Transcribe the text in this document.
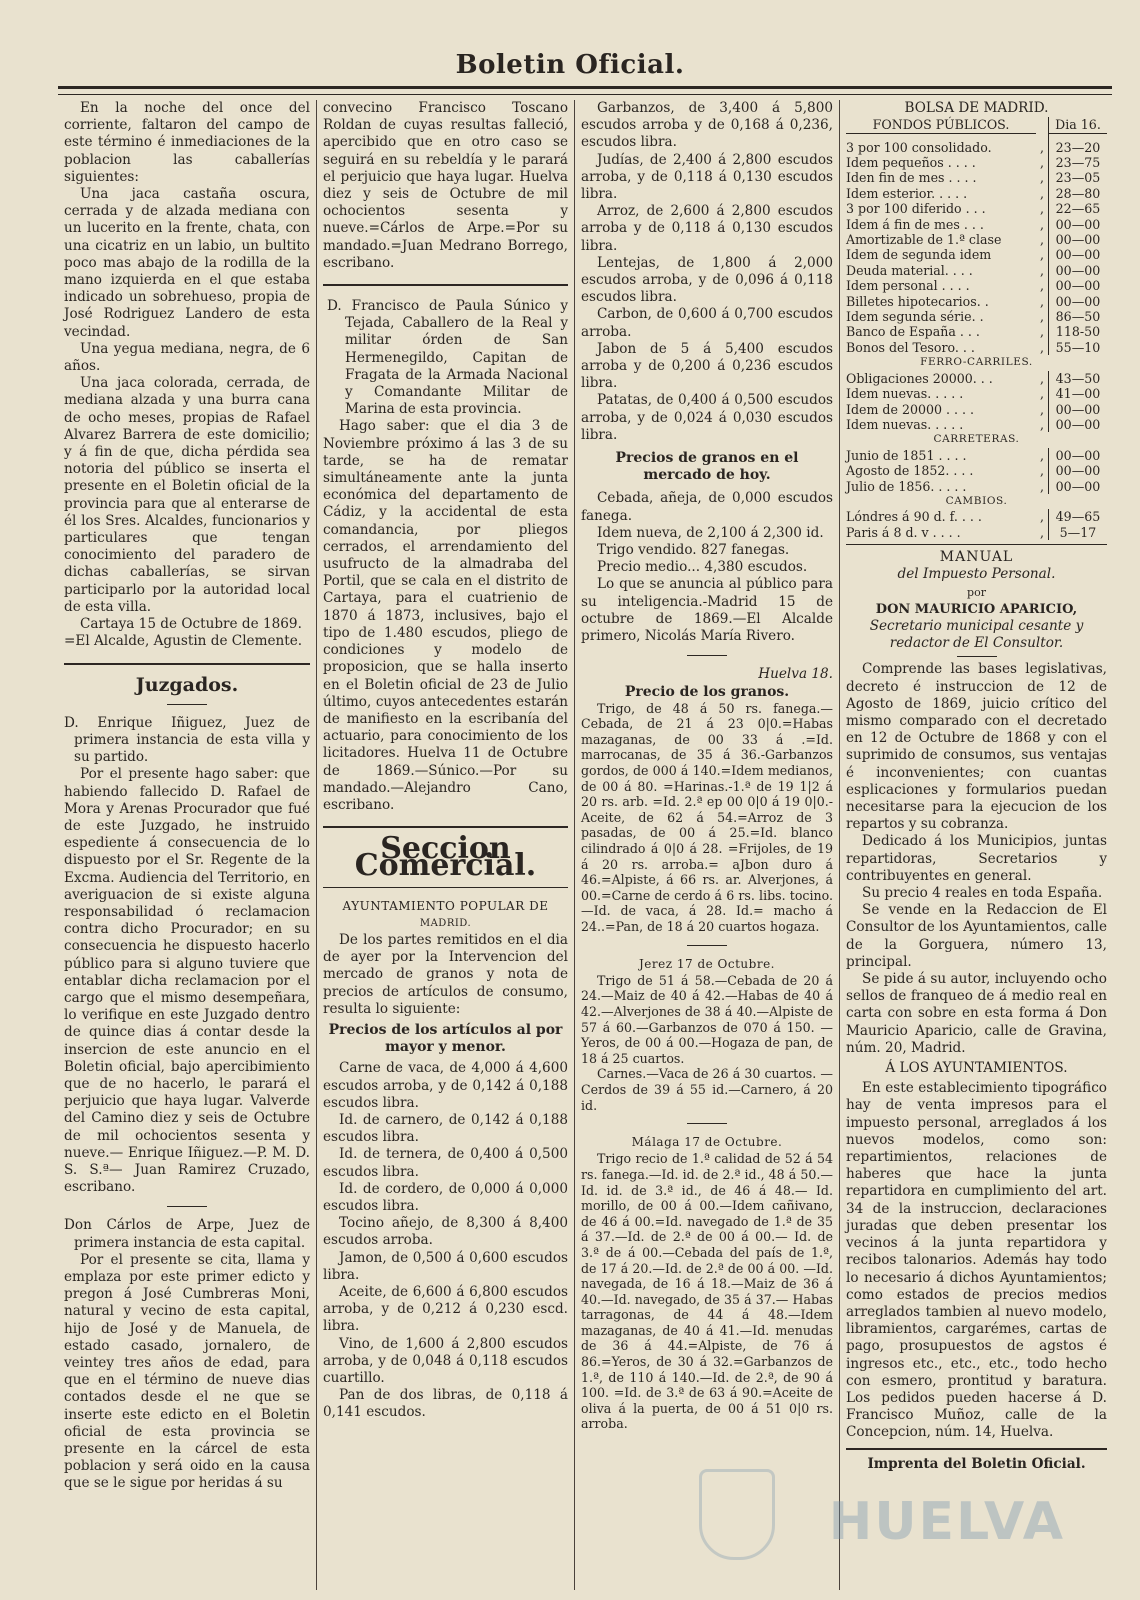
Boletin Oficial.

En la noche del once del corriente, faltaron del campo de este término é inmediaciones de la poblacion las caballerías siguientes:

Una jaca castaña oscura, cerrada y de alzada mediana con un lucerito en la frente, chata, con una cicatriz en un labio, un bultito poco mas abajo de la rodilla de la mano izquierda en el que estaba indicado un sobrehueso, propia de José Rodriguez Landero de esta vecindad.

Una yegua mediana, negra, de 6 años.

Una jaca colorada, cerrada, de mediana alzada y una burra cana de ocho meses, propias de Rafael Alvarez Barrera de este domicilio; y á fin de que, dicha pérdida sea notoria del público se inserta el presente en el Boletin oficial de la provincia para que al enterarse de él los Sres. Alcaldes, funcionarios y particulares que tengan conocimiento del paradero de dichas caballerías, se sirvan participarlo por la autoridad local de esta villa.

Cartaya 15 de Octubre de 1869.

=El Alcalde, Agustin de Clemente.

Juzgados.

D. Enrique Iñiguez, Juez de primera instancia de esta villa y su partido.

Por el presente hago saber: que habiendo fallecido D. Rafael de Mora y Arenas Procurador que fué de este Juzgado, he instruido espediente á consecuencia de lo dispuesto por el Sr. Regente de la Excma. Audiencia del Territorio, en averiguacion de si existe alguna responsabilidad ó reclamacion contra dicho Procurador; en su consecuencia he dispuesto hacerlo público para si alguno tuviere que entablar dicha reclamacion por el cargo que el mismo desempeñara, lo verifique en este Juzgado dentro de quince dias á contar desde la insercion de este anuncio en el Boletin oficial, bajo apercibimiento que de no hacerlo, le parará el perjuicio que haya lugar. Valverde del Camino diez y seis de Octubre de mil ochocientos sesenta y nueve.— Enrique Iñiguez.—P. M. D. S. S.ª— Juan Ramirez Cruzado, escribano.

Don Cárlos de Arpe, Juez de primera instancia de esta capital.

Por el presente se cita, llama y emplaza por este primer edicto y pregon á José Cumbreras Moni, natural y vecino de esta capital, hijo de José y de Manuela, de estado casado, jornalero, de veintey tres años de edad, para que en el término de nueve dias contados desde el ne que se inserte este edicto en el Boletin oficial de esta provincia se presente en la cárcel de esta poblacion y será oido en la causa que se le sigue por heridas á su

convecino Francisco Toscano Roldan de cuyas resultas falleció, apercibido que en otro caso se seguirá en su rebeldía y le parará el perjuicio que haya lugar. Huelva diez y seis de Octubre de mil ochocientos sesenta y nueve.=Cárlos de Arpe.=Por su mandado.=Juan Medrano Borrego, escribano.

D. Francisco de Paula Súnico y Tejada, Caballero de la Real y militar órden de San Hermenegildo, Capitan de Fragata de la Armada Nacional y Comandante Militar de Marina de esta provincia.

Hago saber: que el dia 3 de Noviembre próximo á las 3 de su tarde, se ha de rematar simultáneamente ante la junta económica del departamento de Cádiz, y la accidental de esta comandancia, por pliegos cerrados, el arrendamiento del usufructo de la almadraba del Portil, que se cala en el distrito de Cartaya, para el cuatrienio de 1870 á 1873, inclusives, bajo el tipo de 1.480 escudos, pliego de condiciones y modelo de proposicion, que se halla inserto en el Boletin oficial de 23 de Julio último, cuyos antecedentes estarán de manifiesto en la escribanía del actuario, para conocimiento de los licitadores. Huelva 11 de Octubre de 1869.—Súnico.—Por su mandado.—Alejandro Cano, escribano.

Seccion Comercial.

AYUNTAMIENTO POPULAR DE

MADRID.

De los partes remitidos en el dia de ayer por la Intervencion del mercado de granos y nota de precios de artículos de consumo, resulta lo siguiente:

Precios de los artículos al por mayor y menor.

Carne de vaca, de 4,000 á 4,600 escudos arroba, y de 0,142 á 0,188 escudos libra.

Id. de carnero, de 0,142 á 0,188 escudos libra.

Id. de ternera, de 0,400 á 0,500 escudos libra.

Id. de cordero, de 0,000 á 0,000 escudos libra.

Tocino añejo, de 8,300 á 8,400 escudos arroba.

Jamon, de 0,500 á 0,600 escudos libra.

Aceite, de 6,600 á 6,800 escudos arroba, y de 0,212 á 0,230 escd. libra.

Vino, de 1,600 á 2,800 escudos arroba, y de 0,048 á 0,118 escudos cuartillo.

Pan de dos libras, de 0,118 á 0,141 escudos.

Garbanzos, de 3,400 á 5,800 escudos arroba y de 0,168 á 0,236, escudos libra.

Judías, de 2,400 á 2,800 escudos arroba, y de 0,118 á 0,130 escudos libra.

Arroz, de 2,600 á 2,800 escudos arroba y de 0,118 á 0,130 escudos libra.

Lentejas, de 1,800 á 2,000 escudos arroba, y de 0,096 á 0,118 escudos libra.

Carbon, de 0,600 á 0,700 escudos arroba.

Jabon de 5 á 5,400 escudos arroba y de 0,200 á 0,236 escudos libra.

Patatas, de 0,400 á 0,500 escudos arroba, y de 0,024 á 0,030 escudos libra.

Precios de granos en el mercado de hoy.

Cebada, añeja, de 0,000 escudos fanega.

Idem nueva, de 2,100 á 2,300 id.

Trigo vendido. 827 fanegas.

Precio medio... 4,380 escudos.

Lo que se anuncia al público para su inteligencia.-Madrid 15 de octubre de 1869.—El Alcalde primero, Nicolás María Rivero.

Huelva 18.

Precio de los granos.

Trigo, de 48 á 50 rs. fanega.—Cebada, de 21 á 23 0|0.=Habas mazaganas, de 00 33 á .=Id. marrocanas, de 35 á 36.-Garbanzos gordos, de 000 á 140.=Idem medianos, de 00 á 80. =Harinas.-1.ª de 19 1|2 á 20 rs. arb. =Id. 2.ª ep 00 0|0 á 19 0|0.-Aceite, de 62 á 54.=Arroz de 3 pasadas, de 00 á 25.=Id. blanco cilindrado á 0|0 á 28. =Frijoles, de 19 á 20 rs. arroba.= aJbon duro á 46.=Alpiste, á 66 rs. ar. Alverjones, á 00.=Carne de cerdo á 6 rs. libs. tocino.—Id. de vaca, á 28. Id.= macho á 24..=Pan, de 18 á 20 cuartos hogaza.

Jerez 17 de Octubre.

Trigo de 51 á 58.—Cebada de 20 á 24.—Maiz de 40 á 42.—Habas de 40 á 42.—Alverjones de 38 á 40.—Alpiste de 57 á 60.—Garbanzos de 070 á 150. —Yeros, de 00 á 00.—Hogaza de pan, de 18 á 25 cuartos.

Carnes.—Vaca de 26 á 30 cuartos. —Cerdos de 39 á 55 id.—Carnero, á 20 id.

Málaga 17 de Octubre.

Trigo recio de 1.ª calidad de 52 á 54 rs. fanega.—Id. id. de 2.ª id., 48 á 50.—Id. id. de 3.ª id., de 46 á 48.— Id. morillo, de 00 á 00.—Idem cañivano, de 46 á 00.=Id. navegado de 1.ª de 35 á 37.—Id. de 2.ª de 00 á 00.— Id. de 3.ª de á 00.—Cebada del país de 1.ª, de 17 á 20.—Id. de 2.ª de 00 á 00. —Id. navegada, de 16 á 18.—Maiz de 36 á 40.—Id. navegado, de 35 á 37.— Habas tarragonas, de 44 á 48.—Idem mazaganas, de 40 á 41.—Id. menudas de 36 á 44.=Alpiste, de 76 á 86.=Yeros, de 30 á 32.=Garbanzos de 1.ª, de 110 á 140.—Id. de 2.ª, de 90 á 100. =Id. de 3.ª de 63 á 90.=Aceite de oliva á la puerta, de 00 á 51 0|0 rs. arroba.

BOLSA DE MADRID.

FONDOS PÚBLICOS.		Dia 16.

3 por 100 consolidado.	,	23—20
Idem pequeños . . . .	,	23—75
Iden fin de mes . . . .	,	23—05
Idem esterior. . . . .	,	28—80
3 por 100 diferido . . .	,	22—65
Idem á fin de mes . . .	,	00—00
Amortizable de 1.ª clase	,	00—00
Idem de segunda idem	,	00—00
Deuda material. . . .	,	00—00
Idem personal . . . .	,	00—00
Billetes hipotecarios. .	,	00—00
Idem segunda série. .	,	86—50
Banco de España . . .	,	118-50
Bonos del Tesoro. . .	,	55—10
FERRO-CARRILES.		
Obligaciones 20000. . .	,	43—50
Idem nuevas. . . . .	,	41—00
Idem de 20000 . . . .	,	00—00
Idem nuevas. . . . .	,	00—00
CARRETERAS.		
Junio de 1851 . . . .	,	00—00
Agosto de 1852. . . .	,	00—00
Julio de 1856. . . . .	,	00—00
CAMBIOS.		
Lóndres á 90 d. f. . . .	,	49—65
Paris á 8 d. v . . . .	,	5—17

MANUAL

del Impuesto Personal.

por

DON MAURICIO APARICIO,

Secretario municipal cesante y redactor de El Consultor.

Comprende las bases legislativas, decreto é instruccion de 12 de Agosto de 1869, juicio crítico del mismo comparado con el decretado en 12 de Octubre de 1868 y con el suprimido de consumos, sus ventajas é inconvenientes; con cuantas esplicaciones y formularios puedan necesitarse para la ejecucion de los repartos y su cobranza.

Dedicado á los Municipios, juntas repartidoras, Secretarios y contribuyentes en general.

Su precio 4 reales en toda España.

Se vende en la Redaccion de El Consultor de los Ayuntamientos, calle de la Gorguera, número 13, principal.

Se pide á su autor, incluyendo ocho sellos de franqueo de á medio real en carta con sobre en esta forma á Don Mauricio Aparicio, calle de Gravina, núm. 20, Madrid.

Á LOS AYUNTAMIENTOS.

En este establecimiento tipográfico hay de venta impresos para el impuesto personal, arreglados á los nuevos modelos, como son: repartimientos, relaciones de haberes que hace la junta repartidora en cumplimiento del art. 34 de la instruccion, declaraciones juradas que deben presentar los vecinos á la junta repartidora y recibos talonarios. Además hay todo lo necesario á dichos Ayuntamientos; como estados de precios medios arreglados tambien al nuevo modelo, libramientos, cargarémes, cartas de pago, prosupuestos de agstos é ingresos etc., etc., etc., todo hecho con esmero, prontitud y baratura. Los pedidos pueden hacerse á D. Francisco Muñoz, calle de la Concepcion, núm. 14, Huelva.

Imprenta del Boletin Oficial.

HUELVA
